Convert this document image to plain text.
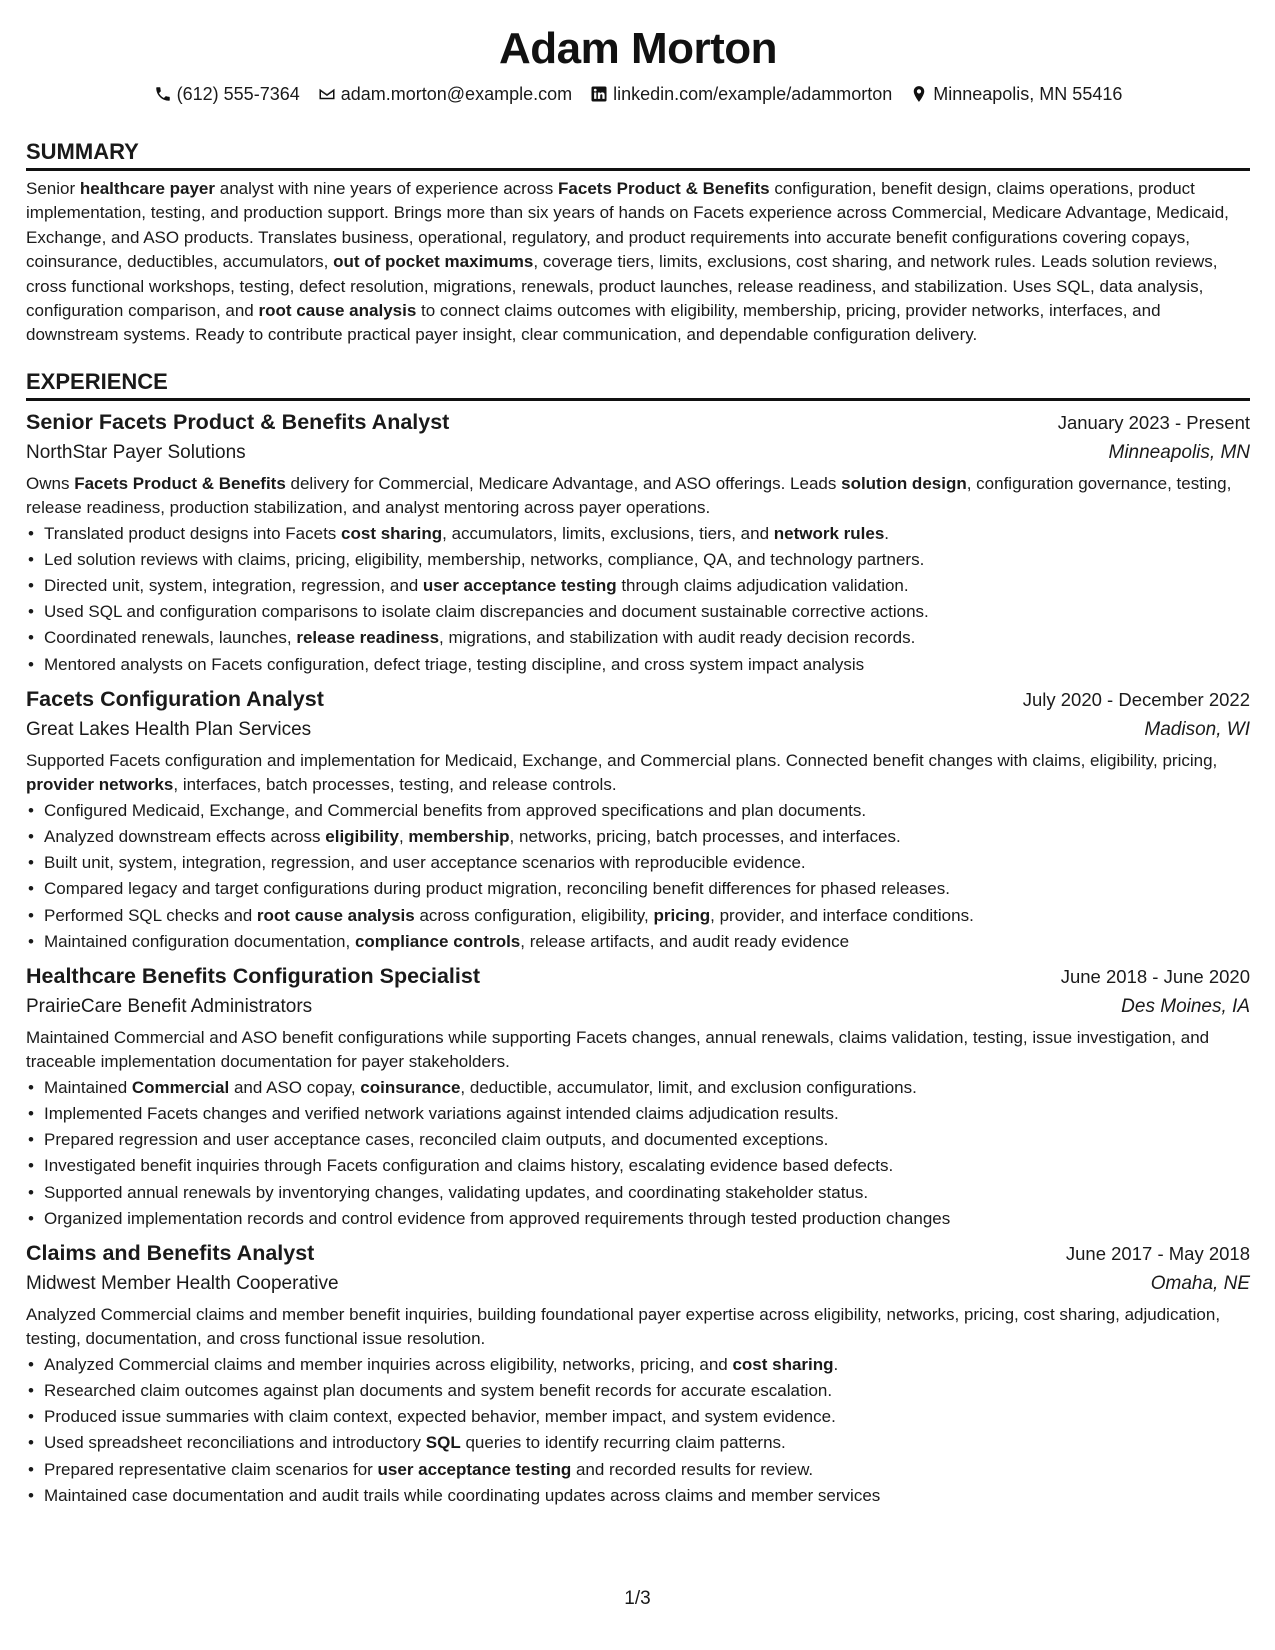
Adam Morton
(612) 555-7364 adam.morton@example.com linkedin.com/example/adammorton Minneapolis, MN 55416
SUMMARY
Senior healthcare payer analyst with nine years of experience across Facets Product & Benefits configuration, benefit design, claims operations, product implementation, testing, and production support. Brings more than six years of hands on Facets experience across Commercial, Medicare Advantage, Medicaid, Exchange, and ASO products. Translates business, operational, regulatory, and product requirements into accurate benefit configurations covering copays, coinsurance, deductibles, accumulators, out of pocket maximums, coverage tiers, limits, exclusions, cost sharing, and network rules. Leads solution reviews, cross functional workshops, testing, defect resolution, migrations, renewals, product launches, release readiness, and stabilization. Uses SQL, data analysis, configuration comparison, and root cause analysis to connect claims outcomes with eligibility, membership, pricing, provider networks, interfaces, and downstream systems. Ready to contribute practical payer insight, clear communication, and dependable configuration delivery.
EXPERIENCE
Senior Facets Product & Benefits Analyst	January 2023 - Present
NorthStar Payer Solutions	Minneapolis, MN
Owns Facets Product & Benefits delivery for Commercial, Medicare Advantage, and ASO offerings. Leads solution design, configuration governance, testing, release readiness, production stabilization, and analyst mentoring across payer operations.
• Translated product designs into Facets cost sharing, accumulators, limits, exclusions, tiers, and network rules.
• Led solution reviews with claims, pricing, eligibility, membership, networks, compliance, QA, and technology partners.
• Directed unit, system, integration, regression, and user acceptance testing through claims adjudication validation.
• Used SQL and configuration comparisons to isolate claim discrepancies and document sustainable corrective actions.
• Coordinated renewals, launches, release readiness, migrations, and stabilization with audit ready decision records.
• Mentored analysts on Facets configuration, defect triage, testing discipline, and cross system impact analysis
Facets Configuration Analyst	July 2020 - December 2022
Great Lakes Health Plan Services	Madison, WI
Supported Facets configuration and implementation for Medicaid, Exchange, and Commercial plans. Connected benefit changes with claims, eligibility, pricing, provider networks, interfaces, batch processes, testing, and release controls.
• Configured Medicaid, Exchange, and Commercial benefits from approved specifications and plan documents.
• Analyzed downstream effects across eligibility, membership, networks, pricing, batch processes, and interfaces.
• Built unit, system, integration, regression, and user acceptance scenarios with reproducible evidence.
• Compared legacy and target configurations during product migration, reconciling benefit differences for phased releases.
• Performed SQL checks and root cause analysis across configuration, eligibility, pricing, provider, and interface conditions.
• Maintained configuration documentation, compliance controls, release artifacts, and audit ready evidence
Healthcare Benefits Configuration Specialist	June 2018 - June 2020
PrairieCare Benefit Administrators	Des Moines, IA
Maintained Commercial and ASO benefit configurations while supporting Facets changes, annual renewals, claims validation, testing, issue investigation, and traceable implementation documentation for payer stakeholders.
• Maintained Commercial and ASO copay, coinsurance, deductible, accumulator, limit, and exclusion configurations.
• Implemented Facets changes and verified network variations against intended claims adjudication results.
• Prepared regression and user acceptance cases, reconciled claim outputs, and documented exceptions.
• Investigated benefit inquiries through Facets configuration and claims history, escalating evidence based defects.
• Supported annual renewals by inventorying changes, validating updates, and coordinating stakeholder status.
• Organized implementation records and control evidence from approved requirements through tested production changes
Claims and Benefits Analyst	June 2017 - May 2018
Midwest Member Health Cooperative	Omaha, NE
Analyzed Commercial claims and member benefit inquiries, building foundational payer expertise across eligibility, networks, pricing, cost sharing, adjudication, testing, documentation, and cross functional issue resolution.
• Analyzed Commercial claims and member inquiries across eligibility, networks, pricing, and cost sharing.
• Researched claim outcomes against plan documents and system benefit records for accurate escalation.
• Produced issue summaries with claim context, expected behavior, member impact, and system evidence.
• Used spreadsheet reconciliations and introductory SQL queries to identify recurring claim patterns.
• Prepared representative claim scenarios for user acceptance testing and recorded results for review.
• Maintained case documentation and audit trails while coordinating updates across claims and member services
1/3
